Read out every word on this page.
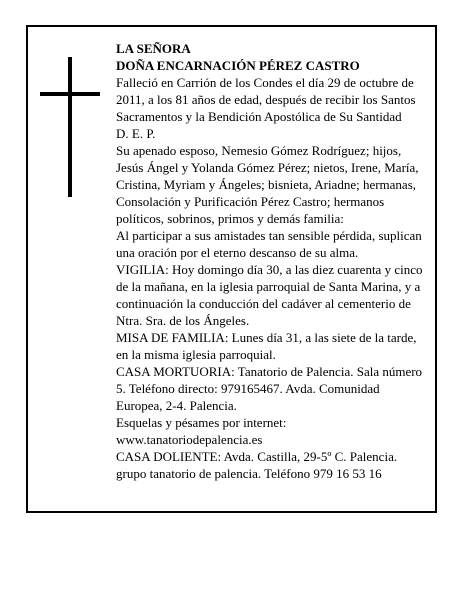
LA SEÑORA

DOÑA ENCARNACIÓN PÉREZ CASTRO

Falleció en Carrión de los Condes el día 29 de octubre de 2011, a los 81 años de edad, después de recibir los Santos Sacramentos y la Bendición Apostólica de Su Santidad

D. E. P.

Su apenado esposo, Nemesio Gómez Rodríguez; hijos, Jesús Ángel y Yolanda Gómez Pérez; nietos, Irene, María, Cristina, Myriam y Ángeles; bisnieta, Ariadne; hermanas, Consolación y Purificación Pérez Castro; hermanos políticos, sobrinos, primos y demás familia:

Al participar a sus amistades tan sensible pérdida, suplican una oración por el eterno descanso de su alma.

VIGILIA: Hoy domingo día 30, a las diez cuarenta y cinco de la mañana, en la iglesia parroquial de Santa Marina, y a continuación la conducción del cadáver al cementerio de Ntra. Sra. de los Ángeles.

MISA DE FAMILIA: Lunes día 31, a las siete de la tarde, en la misma iglesia parroquial.

CASA MORTUORIA: Tanatorio de Palencia. Sala número 5. Teléfono directo: 979165467. Avda. Comunidad Europea, 2-4. Palencia.

Esquelas y pésames por internet: www.tanatoriodepalencia.es

CASA DOLIENTE: Avda. Castilla, 29-5º C. Palencia.

grupo tanatorio de palencia. Teléfono 979 16 53 16
